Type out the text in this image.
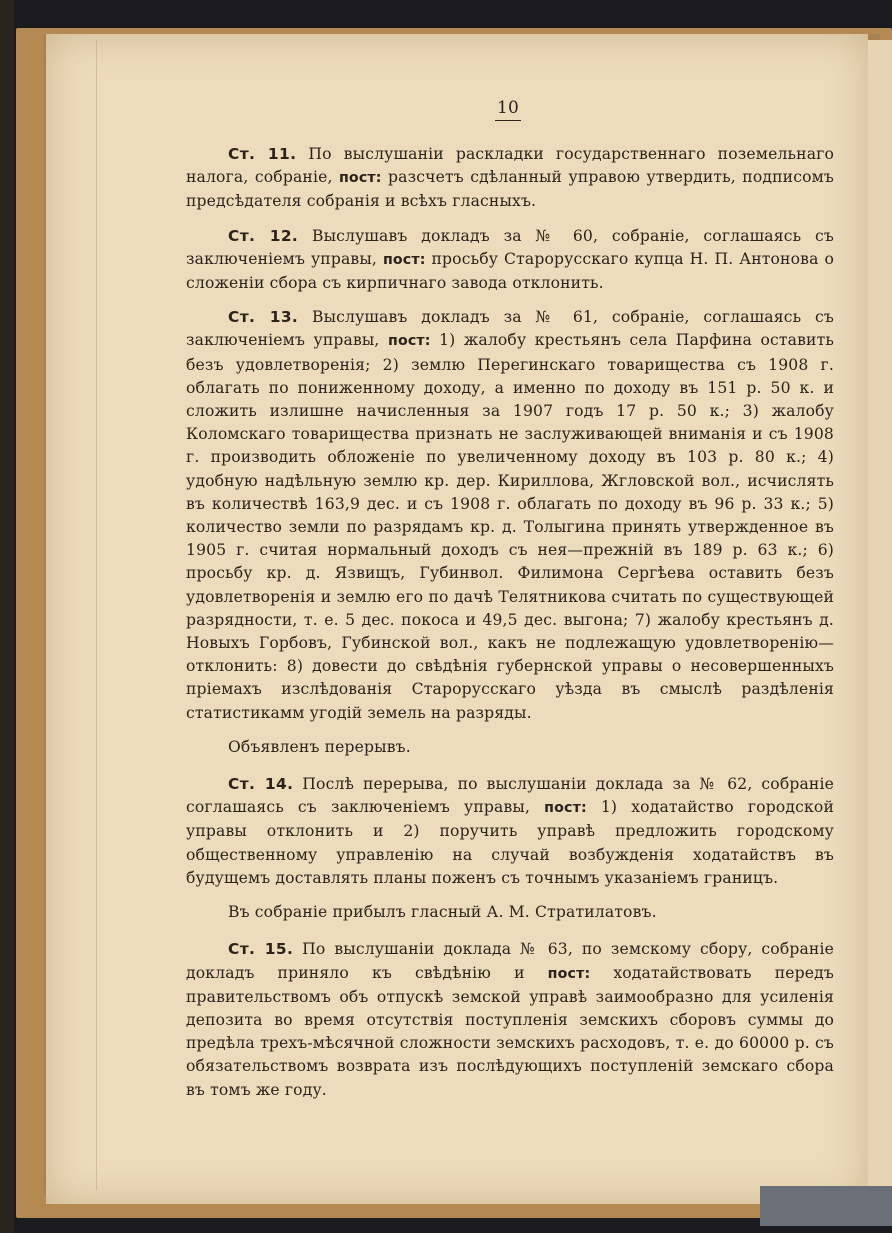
10

Ст. 11. По выслушаніи раскладки государственнаго поземельнаго налога, собраніе, пост: разсчетъ сдѣланный управою утвердить, подписомъ предсѣдателя собранія и всѣхъ гласныхъ.

Ст. 12. Выслушавъ докладъ за № 60, собраніе, соглашаясь съ заключеніемъ управы, пост: просьбу Старорусскаго купца Н. П. Антонова о сложеніи сбора съ кирпичнаго завода отклонить.

Ст. 13. Выслушавъ докладъ за № 61, собраніе, соглашаясь съ заключеніемъ управы, пост: 1) жалобу крестьянъ села Парфина оставить безъ удовлетворенія; 2) землю Перегинскаго товарищества съ 1908 г. облагать по пониженному доходу, а именно по доходу въ 151 р. 50 к. и сложить излишне начисленныя за 1907 годъ 17 р. 50 к.; 3) жалобу Коломскаго товарищества признать не заслуживающей вниманія и съ 1908 г. производить обложеніе по увеличенному доходу въ 103 р. 80 к.; 4) удобную надѣльную землю кр. дер. Кириллова, Жгловской вол., исчислять въ количествѣ 163,9 дес. и съ 1908 г. облагать по доходу въ 96 р. 33 к.; 5) количество земли по разрядамъ кр. д. Толыгина принять утвержденное въ 1905 г. считая нормальный доходъ съ нея—прежній въ 189 р. 63 к.; 6) просьбу кр. д. Язвищъ, Губинвол. Филимона Сергѣева оставить безъ удовлетворенія и землю его по дачѣ Телятникова считать по существующей разрядности, т. е. 5 дес. покоса и 49,5 дес. выгона; 7) жалобу крестьянъ д. Новыхъ Горбовъ, Губинской вол., какъ не подлежащую удовлетворенію—отклонить: 8) довести до свѣдѣнія губернской управы о несовершенныхъ пріемахъ изслѣдованія Старорусскаго уѣзда въ смыслѣ раздѣленія статистикамм угодій земель на разряды.

Объявленъ перерывъ.

Ст. 14. Послѣ перерыва, по выслушаніи доклада за № 62, собраніе соглашаясь съ заключеніемъ управы, пост: 1) ходатайство городской управы отклонить и 2) поручить управѣ предложить городскому общественному управленію на случай возбужденія ходатайствъ въ будущемъ доставлять планы поженъ съ точнымъ указаніемъ границъ.

Въ собраніе прибылъ гласный А. М. Стратилатовъ.

Ст. 15. По выслушаніи доклада № 63, по земскому сбору, собраніе докладъ приняло къ свѣдѣнію и пост: ходатайствовать передъ правительствомъ объ отпускѣ земской управѣ заимообразно для усиленія депозита во время отсутствія поступленія земскихъ сборовъ суммы до предѣла трехъ-мѣсячной сложности земскихъ расходовъ, т. е. до 60000 р. съ обязательствомъ возврата изъ послѣдующихъ поступленій земскаго сбора въ томъ же году.
